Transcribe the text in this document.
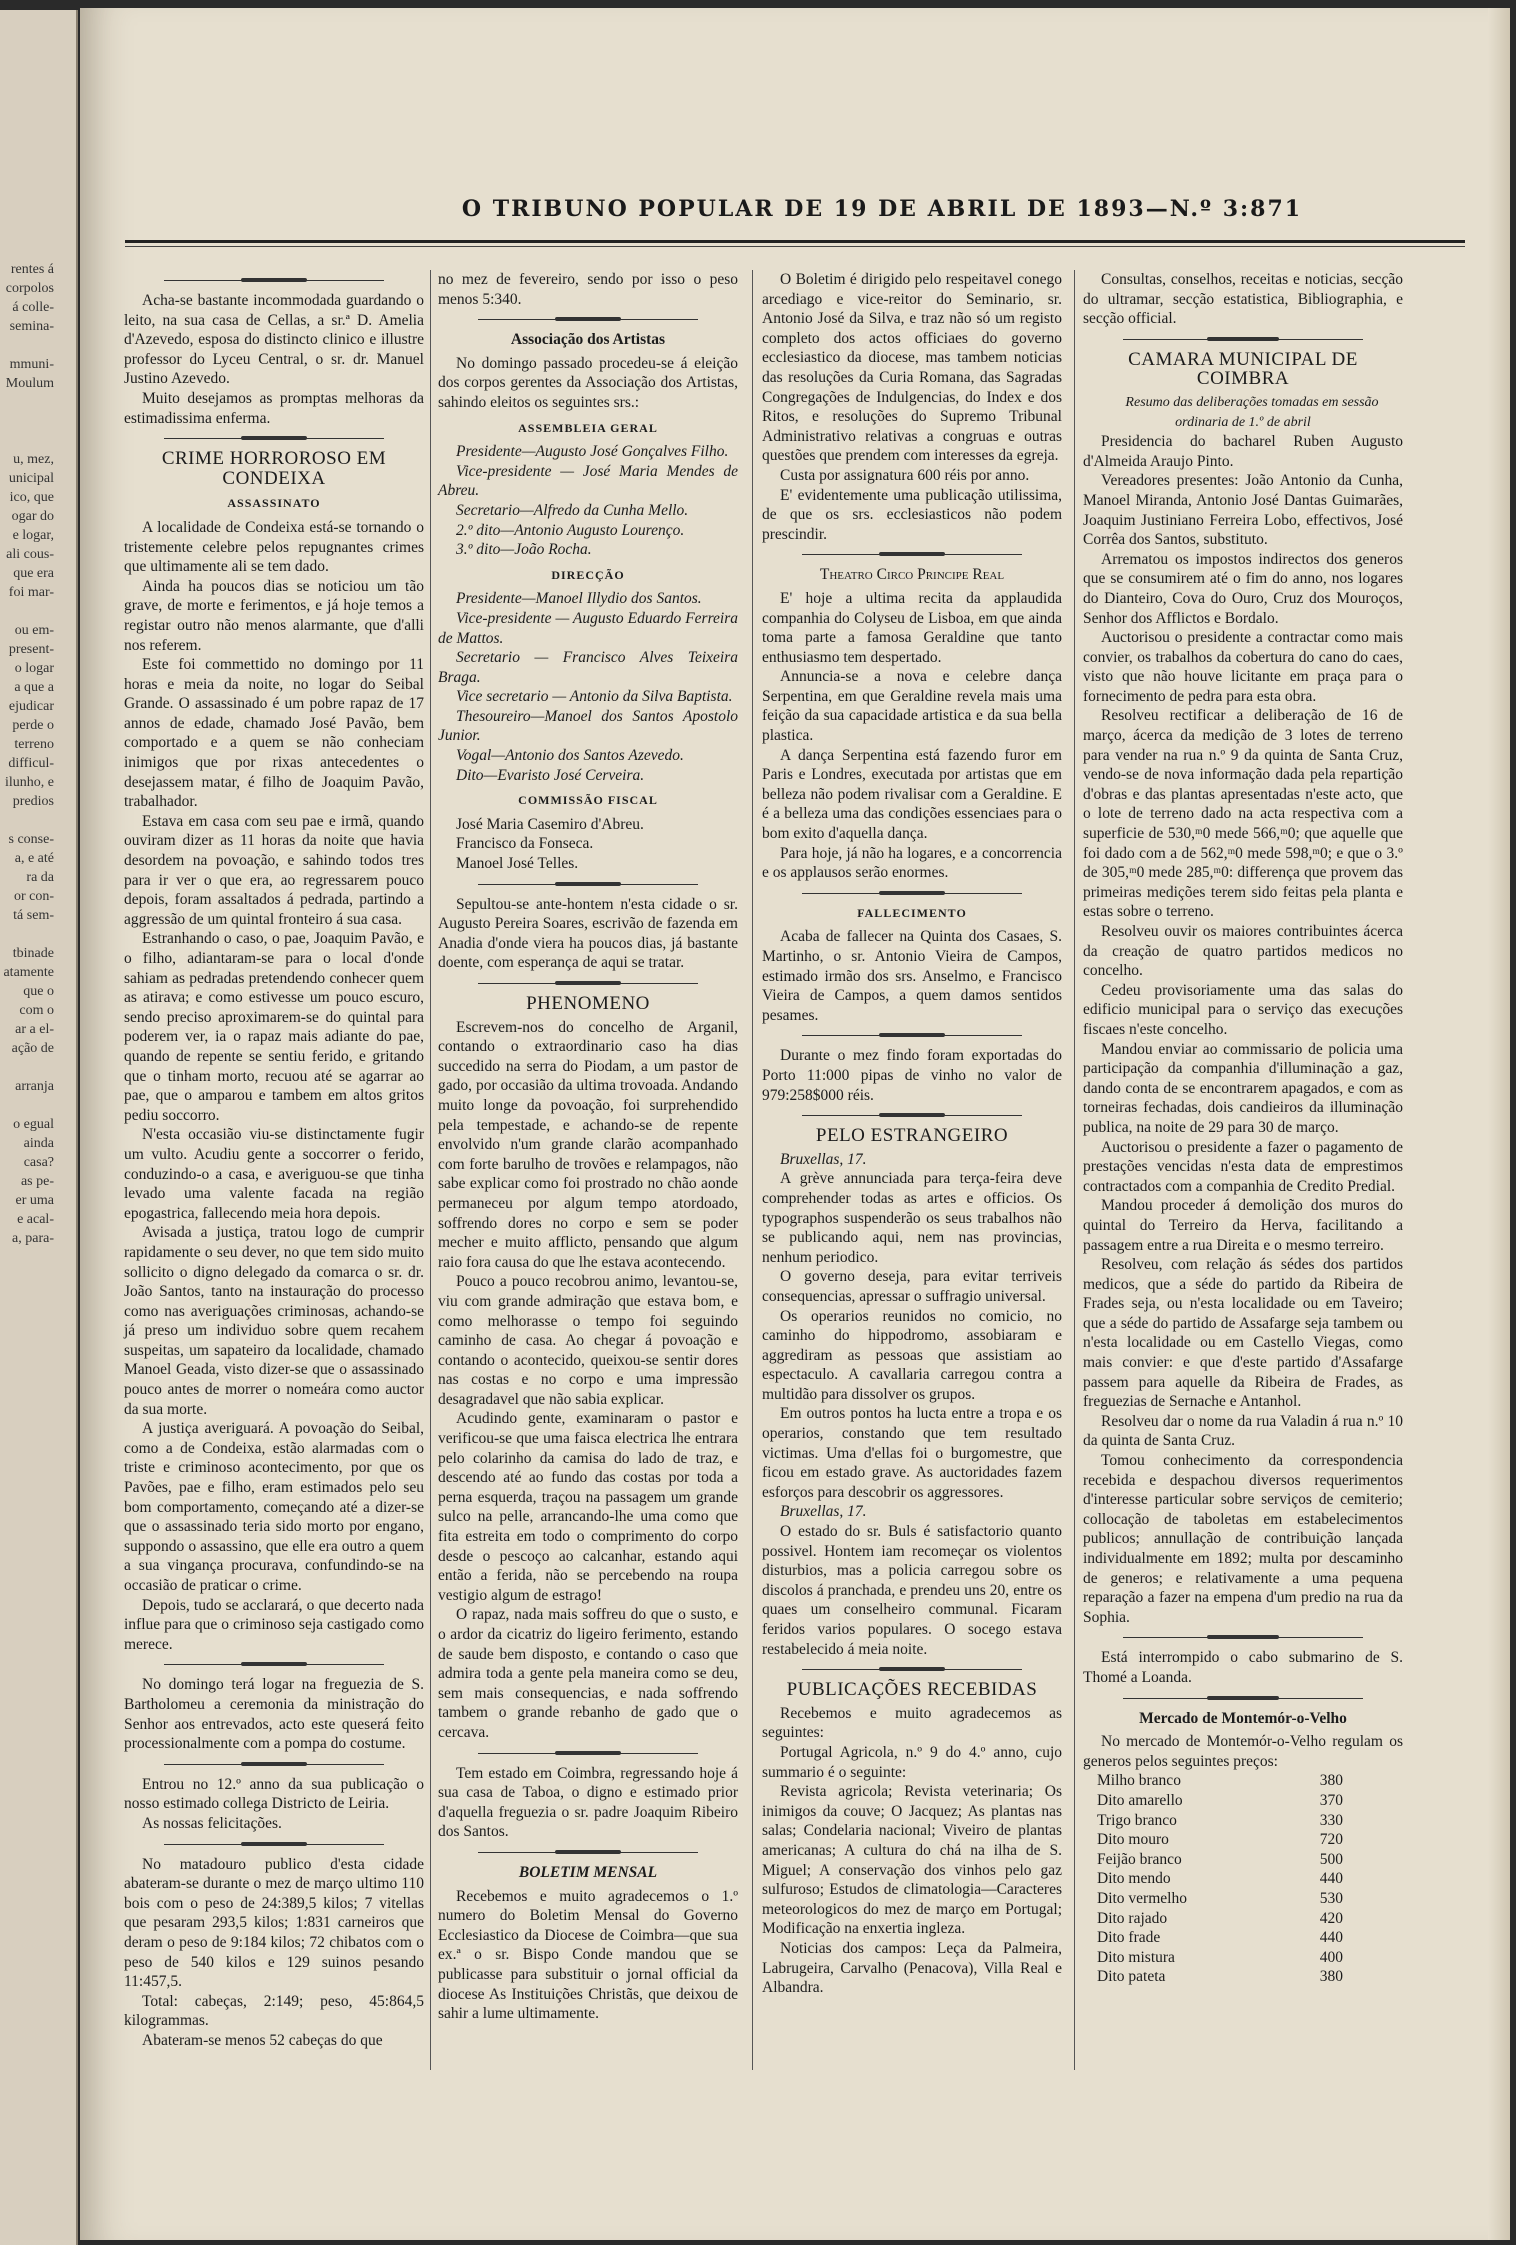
rentes á
corpolos
á colle-
semina-

mmuni-
Moulum

u, mez,
unicipal
ico, que
ogar do
e logar,
ali cous-
que era
foi mar-

ou em-
present-
o logar
a que a
ejudicar
perde o
terreno
difficul-
ilunho, e
predios

s conse-
a, e até
ra da
or con-
tá sem-

tbinade
atamente
que o
com o
ar a el-
ação de

arranja

o egual
ainda
casa?
as pe-
er uma
e acal-
a, para-
O TRIBUNO POPULAR DE 19 DE ABRIL DE 1893—N.º 3:871

Acha-se bastante incommodada guardando o leito, na sua casa de Cellas, a sr.ª D. Amelia d'Azevedo, esposa do distincto clinico e illustre professor do Lyceu Central, o sr. dr. Manuel Justino Azevedo.

Muito desejamos as promptas melhoras da estimadissima enferma.

CRIME HORROROSO EM CONDEIXA
ASSASSINATO

A localidade de Condeixa está-se tornando o tristemente celebre pelos repugnantes crimes que ultimamente ali se tem dado.

Ainda ha poucos dias se noticiou um tão grave, de morte e ferimentos, e já hoje temos a registar outro não menos alarmante, que d'alli nos referem.

Este foi commettido no domingo por 11 horas e meia da noite, no logar do Seibal Grande. O assassinado é um pobre rapaz de 17 annos de edade, chamado José Pavão, bem comportado e a quem se não conheciam inimigos que por rixas antecedentes o desejassem matar, é filho de Joaquim Pavão, trabalhador.

Estava em casa com seu pae e irmã, quando ouviram dizer as 11 horas da noite que havia desordem na povoação, e sahindo todos tres para ir ver o que era, ao regressarem pouco depois, foram assaltados á pedrada, partindo a aggressão de um quintal fronteiro á sua casa.

Estranhando o caso, o pae, Joaquim Pavão, e o filho, adiantaram-se para o local d'onde sahiam as pedradas pretendendo conhecer quem as atirava; e como estivesse um pouco escuro, sendo preciso aproximarem-se do quintal para poderem ver, ia o rapaz mais adiante do pae, quando de repente se sentiu ferido, e gritando que o tinham morto, recuou até se agarrar ao pae, que o amparou e tambem em altos gritos pediu soccorro.

N'esta occasião viu-se distinctamente fugir um vulto. Acudiu gente a soccorrer o ferido, conduzindo-o a casa, e averiguou-se que tinha levado uma valente facada na região epogastrica, fallecendo meia hora depois.

Avisada a justiça, tratou logo de cumprir rapidamente o seu dever, no que tem sido muito sollicito o digno delegado da comarca o sr. dr. João Santos, tanto na instauração do processo como nas averiguações criminosas, achando-se já preso um individuo sobre quem recahem suspeitas, um sapateiro da localidade, chamado Manoel Geada, visto dizer-se que o assassinado pouco antes de morrer o nomeára como auctor da sua morte.

A justiça averiguará. A povoação do Seibal, como a de Condeixa, estão alarmadas com o triste e criminoso acontecimento, por que os Pavões, pae e filho, eram estimados pelo seu bom comportamento, começando até a dizer-se que o assassinado teria sido morto por engano, suppondo o assassino, que elle era outro a quem a sua vingança procurava, confundindo-se na occasião de praticar o crime.

Depois, tudo se acclarará, o que decerto nada influe para que o criminoso seja castigado como merece.

No domingo terá logar na freguezia de S. Bartholomeu a ceremonia da ministração do Senhor aos entrevados, acto este queserá feito processionalmente com a pompa do costume.

Entrou no 12.º anno da sua publicação o nosso estimado collega Districto de Leiria.

As nossas felicitações.

No matadouro publico d'esta cidade abateram-se durante o mez de março ultimo 110 bois com o peso de 24:389,5 kilos; 7 vitellas que pesaram 293,5 kilos; 1:831 carneiros que deram o peso de 9:184 kilos; 72 chibatos com o peso de 540 kilos e 129 suinos pesando 11:457,5.

Total: cabeças, 2:149; peso, 45:864,5 kilogrammas.

Abateram-se menos 52 cabeças do que

no mez de fevereiro, sendo por isso o peso menos 5:340.

Associação dos Artistas

No domingo passado procedeu-se á eleição dos corpos gerentes da Associação dos Artistas, sahindo eleitos os seguintes srs.:

ASSEMBLEIA GERAL

Presidente—Augusto José Gonçalves Filho.

Vice-presidente — José Maria Mendes de Abreu.

Secretario—Alfredo da Cunha Mello.

2.º dito—Antonio Augusto Lourenço.

3.º dito—João Rocha.

DIRECÇÃO

Presidente—Manoel Illydio dos Santos.

Vice-presidente — Augusto Eduardo Ferreira de Mattos.

Secretario — Francisco Alves Teixeira Braga.

Vice secretario — Antonio da Silva Baptista.

Thesoureiro—Manoel dos Santos Apostolo Junior.

Vogal—Antonio dos Santos Azevedo.

Dito—Evaristo José Cerveira.

COMMISSÃO FISCAL

José Maria Casemiro d'Abreu.

Francisco da Fonseca.

Manoel José Telles.

Sepultou-se ante-hontem n'esta cidade o sr. Augusto Pereira Soares, escrivão de fazenda em Anadia d'onde viera ha poucos dias, já bastante doente, com esperança de aqui se tratar.

PHENOMENO

Escrevem-nos do concelho de Arganil, contando o extraordinario caso ha dias succedido na serra do Piodam, a um pastor de gado, por occasião da ultima trovoada. Andando muito longe da povoação, foi surprehendido pela tempestade, e achando-se de repente envolvido n'um grande clarão acompanhado com forte barulho de trovões e relampagos, não sabe explicar como foi prostrado no chão aonde permaneceu por algum tempo atordoado, soffrendo dores no corpo e sem se poder mecher e muito afflicto, pensando que algum raio fora causa do que lhe estava acontecendo.

Pouco a pouco recobrou animo, levantou-se, viu com grande admiração que estava bom, e como melhorasse o tempo foi seguindo caminho de casa. Ao chegar á povoação e contando o acontecido, queixou-se sentir dores nas costas e no corpo e uma impressão desagradavel que não sabia explicar.

Acudindo gente, examinaram o pastor e verificou-se que uma faisca electrica lhe entrara pelo colarinho da camisa do lado de traz, e descendo até ao fundo das costas por toda a perna esquerda, traçou na passagem um grande sulco na pelle, arrancando-lhe uma como que fita estreita em todo o comprimento do corpo desde o pescoço ao calcanhar, estando aqui então a ferida, não se percebendo na roupa vestigio algum de estrago!

O rapaz, nada mais soffreu do que o susto, e o ardor da cicatriz do ligeiro ferimento, estando de saude bem disposto, e contando o caso que admira toda a gente pela maneira como se deu, sem mais consequencias, e nada soffrendo tambem o grande rebanho de gado que o cercava.

Tem estado em Coimbra, regressando hoje á sua casa de Taboa, o digno e estimado prior d'aquella freguezia o sr. padre Joaquim Ribeiro dos Santos.

BOLETIM MENSAL

Recebemos e muito agradecemos o 1.º numero do Boletim Mensal do Governo Ecclesiastico da Diocese de Coimbra—que sua ex.ª o sr. Bispo Conde mandou que se publicasse para substituir o jornal official da diocese As Instituições Christãs, que deixou de sahir a lume ultimamente.

O Boletim é dirigido pelo respeitavel conego arcediago e vice-reitor do Seminario, sr. Antonio José da Silva, e traz não só um registo completo dos actos officiaes do governo ecclesiastico da diocese, mas tambem noticias das resoluções da Curia Romana, das Sagradas Congregações de Indulgencias, do Index e dos Ritos, e resoluções do Supremo Tribunal Administrativo relativas a congruas e outras questões que prendem com interesses da egreja.

Custa por assignatura 600 réis por anno.

E' evidentemente uma publicação utilissima, de que os srs. ecclesiasticos não podem prescindir.

Theatro Circo Principe Real

E' hoje a ultima recita da applaudida companhia do Colyseu de Lisboa, em que ainda toma parte a famosa Geraldine que tanto enthusiasmo tem despertado.

Annuncia-se a nova e celebre dança Serpentina, em que Geraldine revela mais uma feição da sua capacidade artistica e da sua bella plastica.

A dança Serpentina está fazendo furor em Paris e Londres, executada por artistas que em belleza não podem rivalisar com a Geraldine. E é a belleza uma das condições essenciaes para o bom exito d'aquella dança.

Para hoje, já não ha logares, e a concorrencia e os applausos serão enormes.

FALLECIMENTO

Acaba de fallecer na Quinta dos Casaes, S. Martinho, o sr. Antonio Vieira de Campos, estimado irmão dos srs. Anselmo, e Francisco Vieira de Campos, a quem damos sentidos pesames.

Durante o mez findo foram exportadas do Porto 11:000 pipas de vinho no valor de 979:258$000 réis.

PELO ESTRANGEIRO

Bruxellas, 17.

A grève annunciada para terça-feira deve comprehender todas as artes e officios. Os typographos suspenderão os seus trabalhos não se publicando aqui, nem nas provincias, nenhum periodico.

O governo deseja, para evitar terriveis consequencias, apressar o suffragio universal.

Os operarios reunidos no comicio, no caminho do hippodromo, assobiaram e aggrediram as pessoas que assistiam ao espectaculo. A cavallaria carregou contra a multidão para dissolver os grupos.

Em outros pontos ha lucta entre a tropa e os operarios, constando que tem resultado victimas. Uma d'ellas foi o burgomestre, que ficou em estado grave. As auctoridades fazem esforços para descobrir os aggressores.

Bruxellas, 17.

O estado do sr. Buls é satisfactorio quanto possivel. Hontem iam recomeçar os violentos disturbios, mas a policia carregou sobre os discolos á pranchada, e prendeu uns 20, entre os quaes um conselheiro communal. Ficaram feridos varios populares. O socego estava restabelecido á meia noite.

PUBLICAÇÕES RECEBIDAS

Recebemos e muito agradecemos as seguintes:

Portugal Agricola, n.º 9 do 4.º anno, cujo summario é o seguinte:

Revista agricola; Revista veterinaria; Os inimigos da couve; O Jacquez; As plantas nas salas; Condelaria nacional; Viveiro de plantas americanas; A cultura do chá na ilha de S. Miguel; A conservação dos vinhos pelo gaz sulfuroso; Estudos de climatologia—Caracteres meteorologicos do mez de março em Portugal; Modificação na enxertia ingleza.

Noticias dos campos: Leça da Palmeira, Labrugeira, Carvalho (Penacova), Villa Real e Albandra.

Consultas, conselhos, receitas e noticias, secção do ultramar, secção estatistica, Bibliographia, e secção official.

CAMARA MUNICIPAL DE COIMBRA

Resumo das deliberações tomadas em sessão ordinaria de 1.º de abril

Presidencia do bacharel Ruben Augusto d'Almeida Araujo Pinto.

Vereadores presentes: João Antonio da Cunha, Manoel Miranda, Antonio José Dantas Guimarães, Joaquim Justiniano Ferreira Lobo, effectivos, José Corrêa dos Santos, substituto.

Arrematou os impostos indirectos dos generos que se consumirem até o fim do anno, nos logares do Dianteiro, Cova do Ouro, Cruz dos Mouroços, Senhor dos Afflictos e Bordalo.

Auctorisou o presidente a contractar como mais convier, os trabalhos da cobertura do cano do caes, visto que não houve licitante em praça para o fornecimento de pedra para esta obra.

Resolveu rectificar a deliberação de 16 de março, ácerca da medição de 3 lotes de terreno para vender na rua n.º 9 da quinta de Santa Cruz, vendo-se de nova informação dada pela repartição d'obras e das plantas apresentadas n'este acto, que o lote de terreno dado na acta respectiva com a superficie de 530,ᵐ0 mede 566,ᵐ0; que aquelle que foi dado com a de 562,ᵐ0 mede 598,ᵐ0; e que o 3.º de 305,ᵐ0 mede 285,ᵐ0: differença que provem das primeiras medições terem sido feitas pela planta e estas sobre o terreno.

Resolveu ouvir os maiores contribuintes ácerca da creação de quatro partidos medicos no concelho.

Cedeu provisoriamente uma das salas do edificio municipal para o serviço das execuções fiscaes n'este concelho.

Mandou enviar ao commissario de policia uma participação da companhia d'illuminação a gaz, dando conta de se encontrarem apagados, e com as torneiras fechadas, dois candieiros da illuminação publica, na noite de 29 para 30 de março.

Auctorisou o presidente a fazer o pagamento de prestações vencidas n'esta data de emprestimos contractados com a companhia de Credito Predial.

Mandou proceder á demolição dos muros do quintal do Terreiro da Herva, facilitando a passagem entre a rua Direita e o mesmo terreiro.

Resolveu, com relação ás sédes dos partidos medicos, que a séde do partido da Ribeira de Frades seja, ou n'esta localidade ou em Taveiro; que a séde do partido de Assafarge seja tambem ou n'esta localidade ou em Castello Viegas, como mais convier: e que d'este partido d'Assafarge passem para aquelle da Ribeira de Frades, as freguezias de Sernache e Antanhol.

Resolveu dar o nome da rua Valadin á rua n.º 10 da quinta de Santa Cruz.

Tomou conhecimento da correspondencia recebida e despachou diversos requerimentos d'interesse particular sobre serviços de cemiterio; collocação de taboletas em estabelecimentos publicos; annullação de contribuição lançada individualmente em 1892; multa por descaminho de generos; e relativamente a uma pequena reparação a fazer na empena d'um predio na rua da Sophia.

Está interrompido o cabo submarino de S. Thomé a Loanda.

Mercado de Montemór-o-Velho

No mercado de Montemór-o-Velho regulam os generos pelos seguintes preços:

Milho branco	380
Dito amarello	370
Trigo branco	330
Dito mouro	720
Feijão branco	500
Dito mendo	440
Dito vermelho	530
Dito rajado	420
Dito frade	440
Dito mistura	400
Dito pateta	380
